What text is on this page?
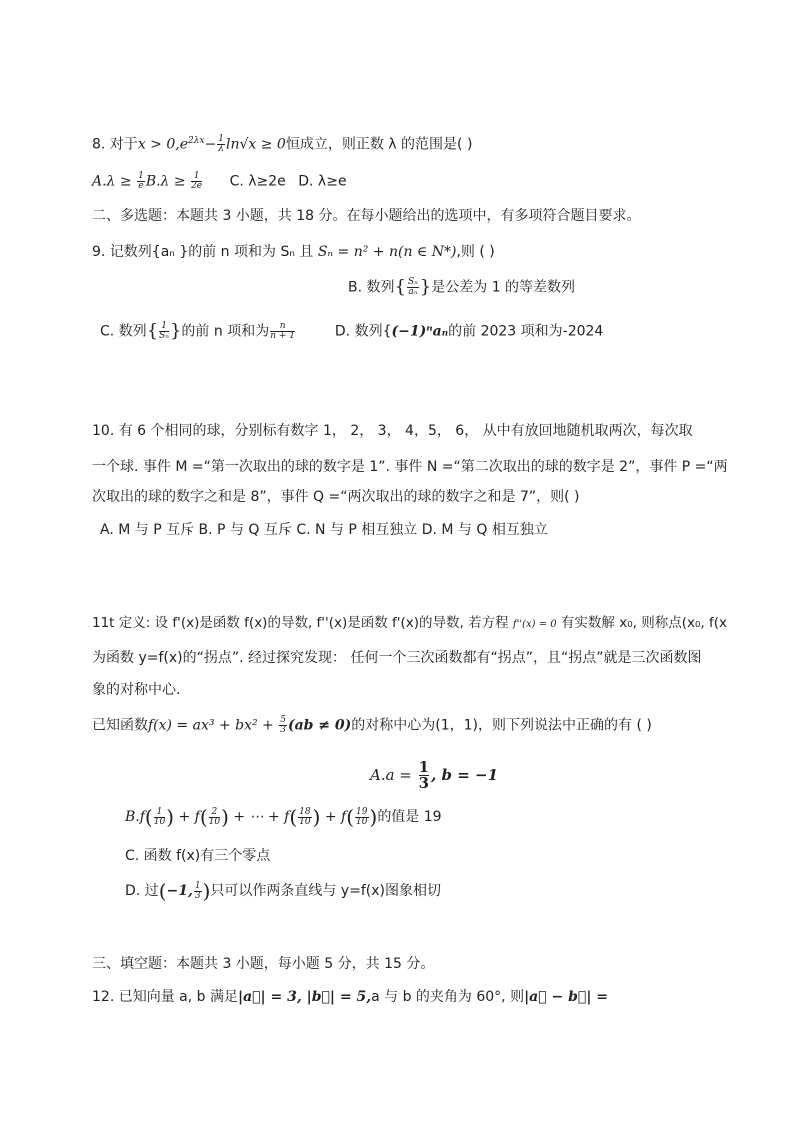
8. 对于$x > 0,e^{2\lambda x}- \frac{1}{\lambda} \ln√x \ge 0$恒成立，则正数 λ 的范围是( )
$A.\lambda \ge \frac{1}{e} B.\lambda \ge \frac{1}{2e} C$. λ≥2e D. λ≥e
二、多选题：本题共 3 小题，共 18 分。在每小题给出的选项中，有多项符合题目要求。
9. 记数列{aₙ }的前 n 项和为 Sₙ 且 Sₙ = n² + n(n ∈ N*),则 ( )
B. 数列{ $\frac{\text{Sₙ}}{\text{aₙ}}$ }是公差为 1 的等差数列
C. 数列{ $\frac{1}{\text{Sₙ}}$ }的前 n 项和为 $\frac{n}{n + 1}$	D. 数列{(−1)ⁿaₙ的前 2023 项和为-2024
10. 有 6 个相同的球，分别标有数字 1， 2， 3， 4，5， 6， 从中有放回地随机取两次，每次取
一个球. 事件 M =“第一次取出的球的数字是 1”. 事件 N =“第二次取出的球的数字是 2”，事件 P =“两
次取出的球的数字之和是 8”，事件 Q =“两次取出的球的数字之和是 7”，则( )
A. M 与 P 互斥 B. P 与 Q 互斥 C. N 与 P 相互独立 D. M 与 Q 相互独立
11t 定义: 设 f'(x)是函数 f(x)的导数, f''(x)是函数 f'(x)的导数, 若方程 f''(x) = 0 有实数解 x₀, 则称点(x₀, f(x
为函数 y=f(x)的“拐点”. 经过探究发现： 任何一个三次函数都有“拐点”，且“拐点”就是三次函数图
象的对称中心.
已知函数$f(x) = ax^3 + bx^2 + \frac{5}{3} (ab \ne 0)$的对称中心为(1，1)，则下列说法中正确的有 ( )
$A.a = \frac{1}{3}$ , b = −1
$B.f( \frac{1}{10}$ ) + $f( \frac{2}{10}$ ) + ⋯ + $f( \frac{18}{10}$ ) + $f( \frac{19}{10}$ )的值是 19
C. 函数 f(x)有三个零点
D. 过(−1, $\frac{1}{3}$ )只可以作两条直线与 y=f(x)图象相切
三、填空题：本题共 3 小题，每小题 5 分，共 15 分。
12. 已知向量 a, b 满足|a⃗| = 3, |b⃗| = 5,a 与 b 的夹角为 60°, 则|a⃗ − b⃗| =
